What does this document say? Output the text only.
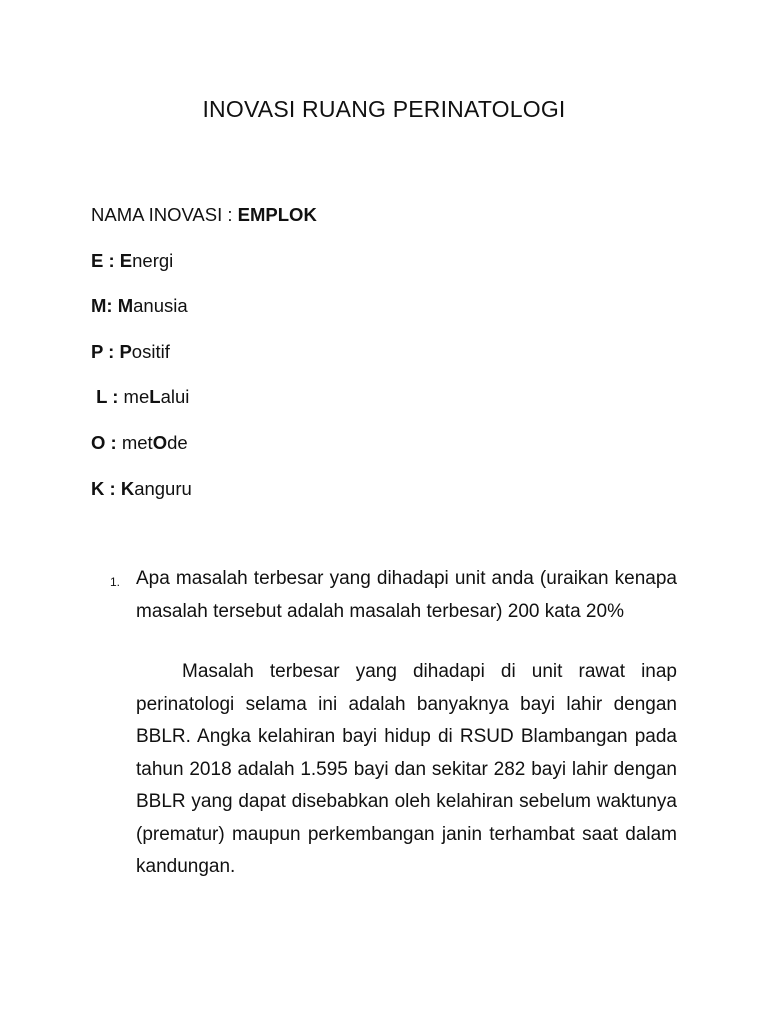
INOVASI RUANG PERINATOLOGI
NAMA INOVASI : EMPLOK
E : Energi
M: Manusia
P : Positif
L : meLalui
O : metOde
K : Kanguru
1. Apa masalah terbesar yang dihadapi unit anda (uraikan kenapa masalah tersebut adalah masalah terbesar) 200 kata 20%
Masalah terbesar yang dihadapi di unit rawat inap perinatologi selama ini adalah banyaknya bayi lahir dengan BBLR. Angka kelahiran bayi hidup di RSUD Blambangan pada tahun 2018 adalah 1.595 bayi dan sekitar 282 bayi lahir dengan BBLR yang dapat disebabkan oleh kelahiran sebelum waktunya (prematur) maupun perkembangan janin terhambat saat dalam kandungan.
